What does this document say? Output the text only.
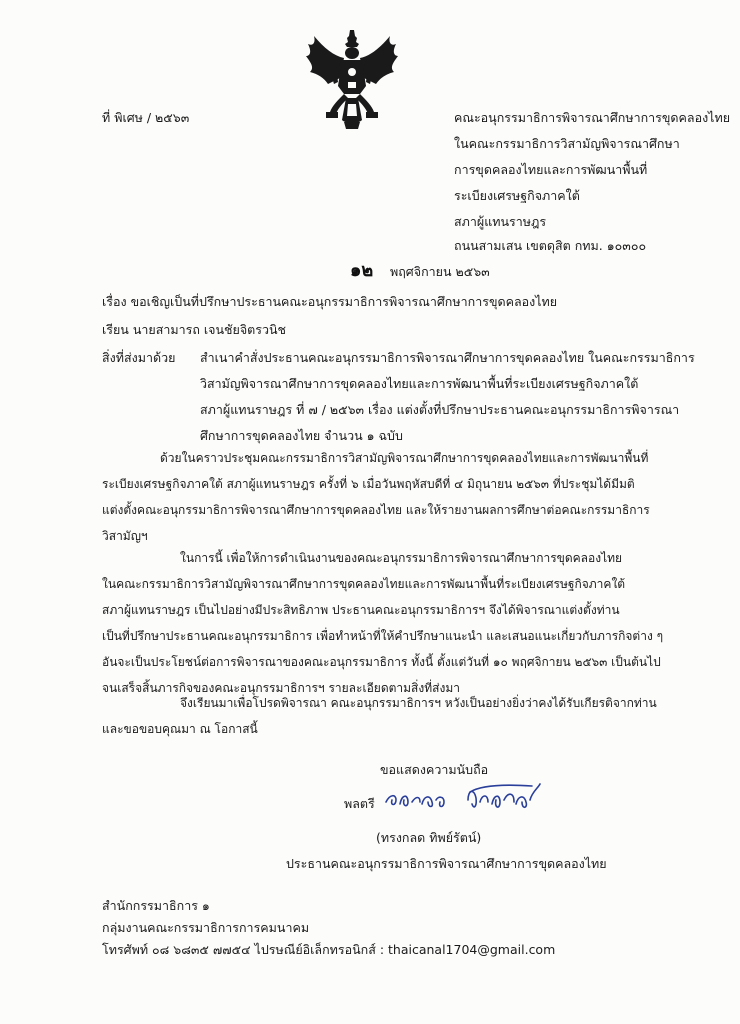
ที่ พิเศษ / ๒๕๖๓	คณะอนุกรรมาธิการพิจารณาศึกษาการขุดคลองไทย
ในคณะกรรมาธิการวิสามัญพิจารณาศึกษา
การขุดคลองไทยและการพัฒนาพื้นที่
ระเบียงเศรษฐกิจภาคใต้
สภาผู้แทนราษฎร
ถนนสามเสน เขตดุสิต กทม. ๑๐๓๐๐
๑๒ พฤศจิกายน ๒๕๖๓
เรื่อง ขอเชิญเป็นที่ปรึกษาประธานคณะอนุกรรมาธิการพิจารณาศึกษาการขุดคลองไทย
เรียน นายสามารถ เจนชัยจิตรวนิช
สิ่งที่ส่งมาด้วย สำเนาคำสั่งประธานคณะอนุกรรมาธิการพิจารณาศึกษาการขุดคลองไทย ในคณะกรรมาธิการ
วิสามัญพิจารณาศึกษาการขุดคลองไทยและการพัฒนาพื้นที่ระเบียงเศรษฐกิจภาคใต้
สภาผู้แทนราษฎร ที่ ๗ / ๒๕๖๓ เรื่อง แต่งตั้งที่ปรึกษาประธานคณะอนุกรรมาธิการพิจารณา
ศึกษาการขุดคลองไทย จำนวน ๑ ฉบับ
ด้วยในคราวประชุมคณะกรรมาธิการวิสามัญพิจารณาศึกษาการขุดคลองไทยและการพัฒนาพื้นที่
ระเบียงเศรษฐกิจภาคใต้ สภาผู้แทนราษฎร ครั้งที่ ๖ เมื่อวันพฤหัสบดีที่ ๔ มิถุนายน ๒๕๖๓ ที่ประชุมได้มีมติ
แต่งตั้งคณะอนุกรรมาธิการพิจารณาศึกษาการขุดคลองไทย และให้รายงานผลการศึกษาต่อคณะกรรมาธิการ
วิสามัญฯ
ในการนี้ เพื่อให้การดำเนินงานของคณะอนุกรรมาธิการพิจารณาศึกษาการขุดคลองไทย
ในคณะกรรมาธิการวิสามัญพิจารณาศึกษาการขุดคลองไทยและการพัฒนาพื้นที่ระเบียงเศรษฐกิจภาคใต้
สภาผู้แทนราษฎร เป็นไปอย่างมีประสิทธิภาพ ประธานคณะอนุกรรมาธิการฯ จึงได้พิจารณาแต่งตั้งท่าน
เป็นที่ปรึกษาประธานคณะอนุกรรมาธิการ เพื่อทำหน้าที่ให้คำปรึกษาแนะนำ และเสนอแนะเกี่ยวกับภารกิจต่าง ๆ
อันจะเป็นประโยชน์ต่อการพิจารณาของคณะอนุกรรมาธิการ ทั้งนี้ ตั้งแต่วันที่ ๑๐ พฤศจิกายน ๒๕๖๓ เป็นต้นไป
จนเสร็จสิ้นภารกิจของคณะอนุกรรมาธิการฯ รายละเอียดตามสิ่งที่ส่งมา
จึงเรียนมาเพื่อโปรดพิจารณา คณะอนุกรรมาธิการฯ หวังเป็นอย่างยิ่งว่าคงได้รับเกียรติจากท่าน
และขอขอบคุณมา ณ โอกาสนี้
ขอแสดงความนับถือ
พลตรี
(ทรงกลด ทิพย์รัตน์)
ประธานคณะอนุกรรมาธิการพิจารณาศึกษาการขุดคลองไทย
สำนักกรรมาธิการ ๑
กลุ่มงานคณะกรรมาธิการการคมนาคม
โทรศัพท์ ๐๘ ๖๘๓๕ ๗๗๕๔ ไปรษณีย์อิเล็กทรอนิกส์ : thaicanal1704@gmail.com
